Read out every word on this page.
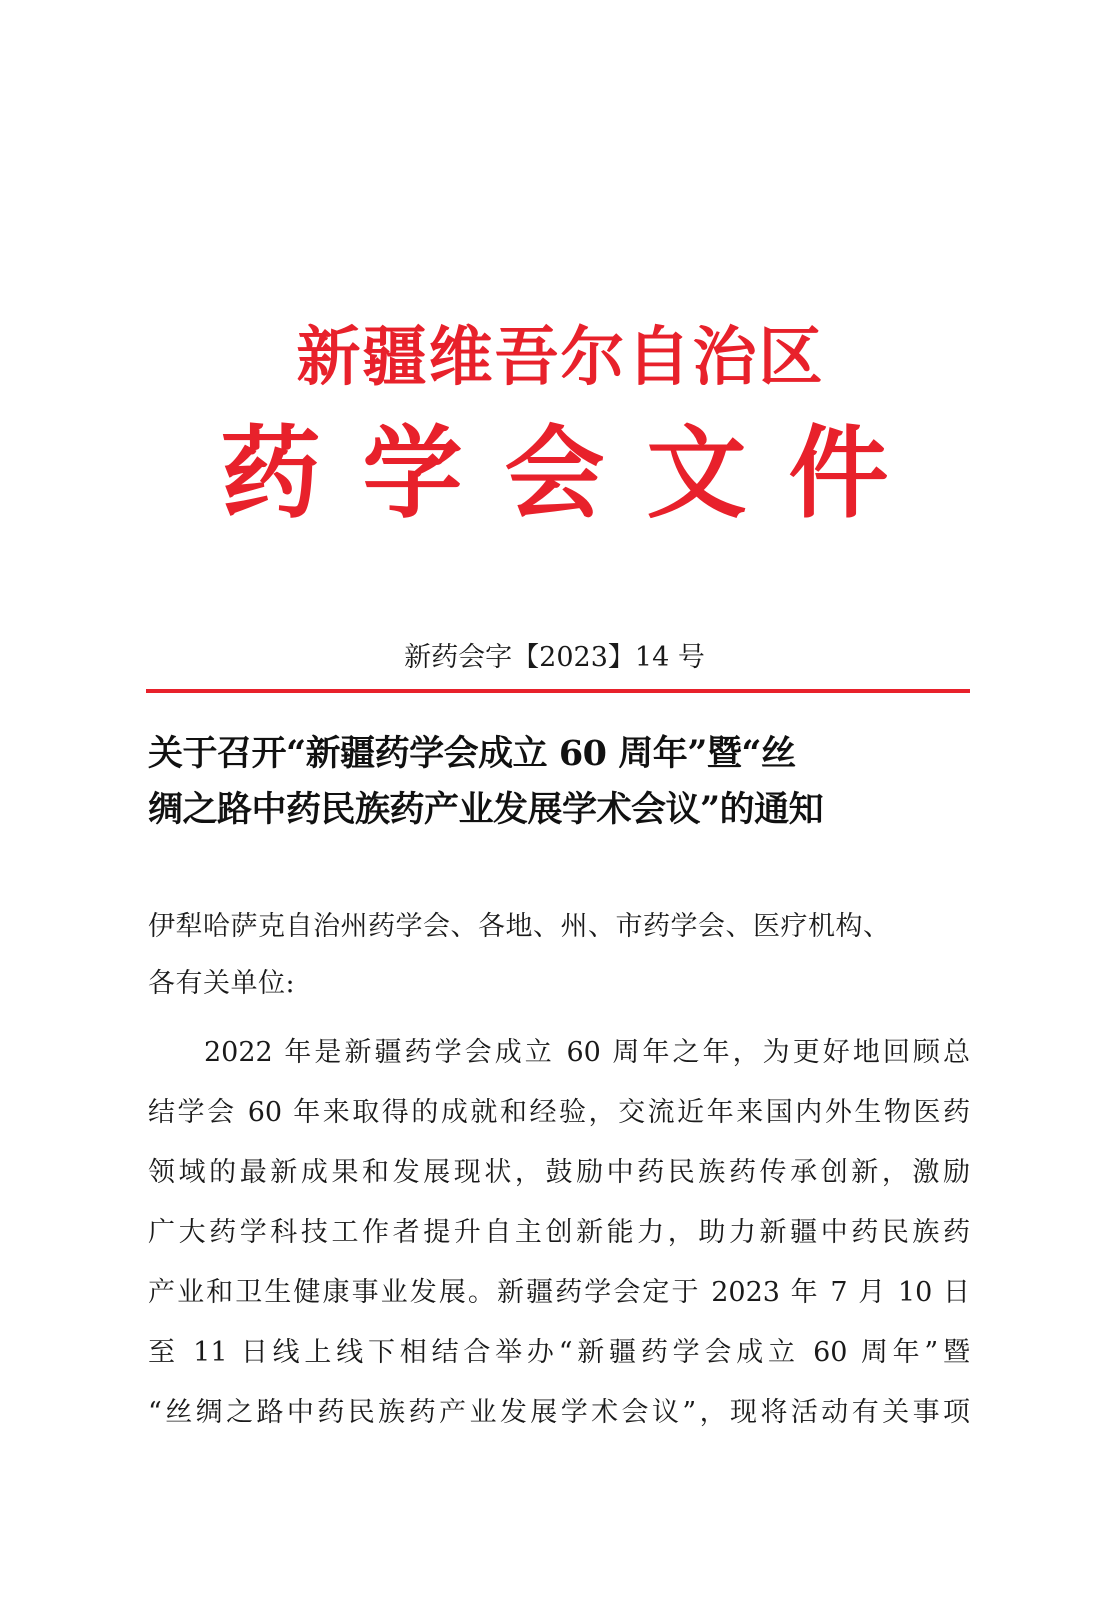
新疆维吾尔自治区
药学会文件
新药会字【2023】14 号
关于召开“新疆药学会成立 60 周年”暨“丝
绸之路中药民族药产业发展学术会议”的通知
伊犁哈萨克自治州药学会、各地、州、市药学会、医疗机构、
各有关单位:
2022 年是新疆药学会成立 60 周年之年，为更好地回顾总
结学会 60 年来取得的成就和经验，交流近年来国内外生物医药
领域的最新成果和发展现状，鼓励中药民族药传承创新，激励
广大药学科技工作者提升自主创新能力，助力新疆中药民族药
产业和卫生健康事业发展。新疆药学会定于 2023 年 7 月 10 日
至 11 日线上线下相结合举办“新疆药学会成立 60 周年”暨
“丝绸之路中药民族药产业发展学术会议”，现将活动有关事项
